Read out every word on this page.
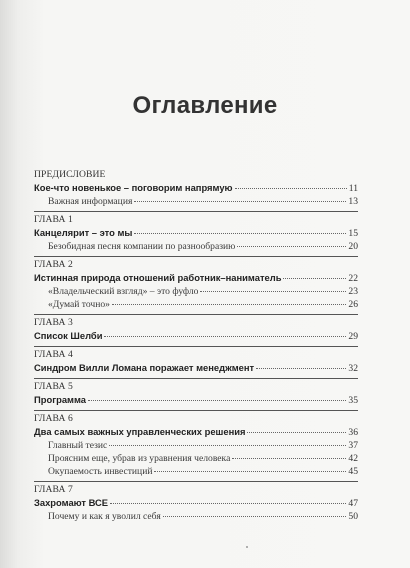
Оглавление
ПРЕДИСЛОВИЕ
Кое-что новенькое – поговорим напрямую	11
Важная информация	13
ГЛАВА 1
Канцелярит – это мы	15
Безобидная песня компании по разнообразию	20
ГЛАВА 2
Истинная природа отношений работник–наниматель	22
«Владельческий взгляд» – это фуфло	23
«Думай точно»	26
ГЛАВА 3
Список Шелби	29
ГЛАВА 4
Синдром Вилли Ломана поражает менеджмент	32
ГЛАВА 5
Программа	35
ГЛАВА 6
Два самых важных управленческих решения	36
Главный тезис	37
Проясним еще, убрав из уравнения человека	42
Окупаемость инвестиций	45
ГЛАВА 7
Захромают ВСЕ	47
Почему и как я уволил себя	50
